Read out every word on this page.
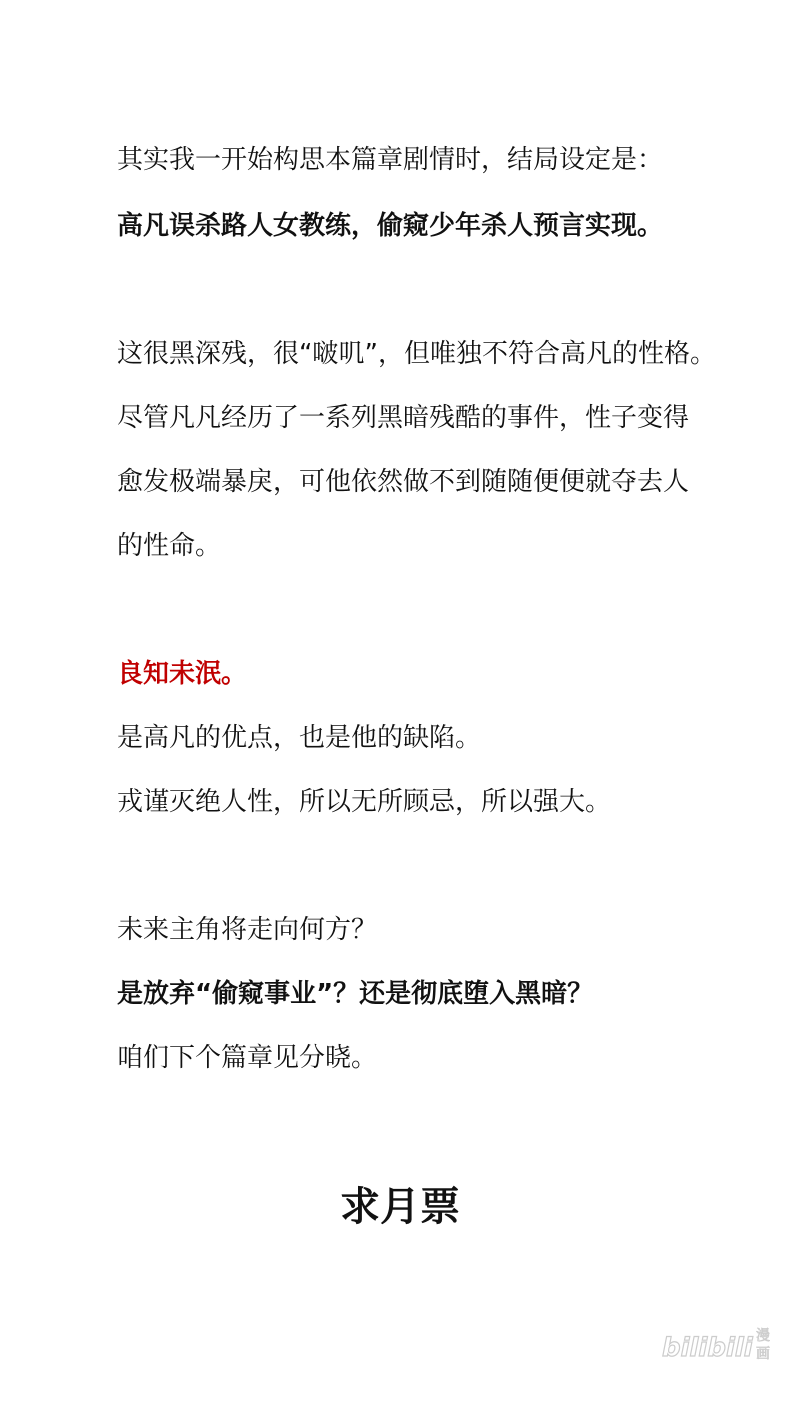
其实我一开始构思本篇章剧情时，结局设定是：
高凡误杀路人女教练，偷窥少年杀人预言实现。
这很黑深残，很“啵叽”，但唯独不符合高凡的性格。
尽管凡凡经历了一系列黑暗残酷的事件，性子变得
愈发极端暴戾，可他依然做不到随随便便就夺去人
的性命。
良知未泯。
是高凡的优点，也是他的缺陷。
戎谨灭绝人性，所以无所顾忌，所以强大。
未来主角将走向何方？
是放弃“偷窥事业”？还是彻底堕入黑暗？
咱们下个篇章见分晓。
求月票
bilibili 漫
画
